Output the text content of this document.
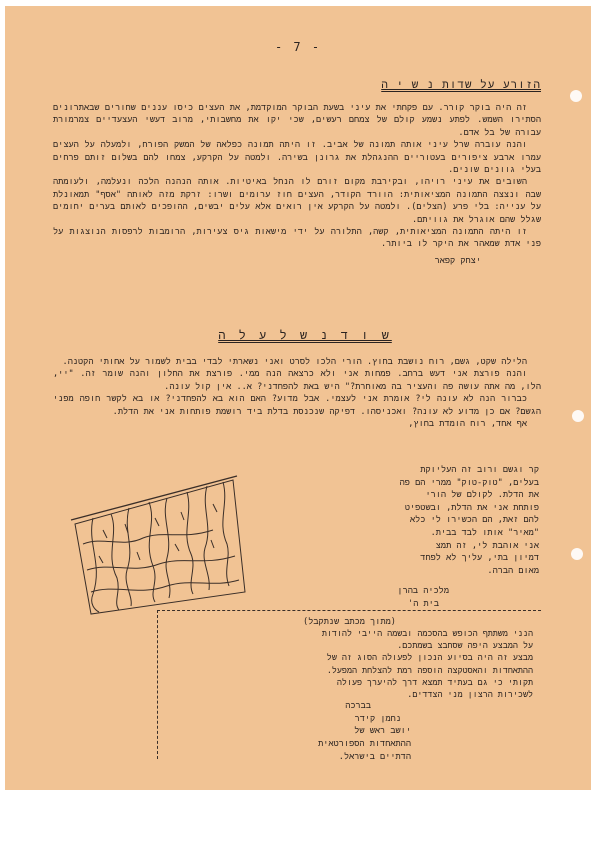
- 7 -
הזורע על שדות נ ש י ה

זה היה בוקר קורר. עם פקחתי את עיני בשעת הבוקר המוקדמת, את העצים כיסו עננים שחורים שבאתרונים הסתירו השמש. לפתע נשמע קולם של צמחם רעשים, שכי יקו את מחשבותי, מרוב דעשי העצעדיים צמרמורת עבורה של בל אדם.

והנה עוברה שרל עיני אותה תמונה של אביב. זו היתה תמונה כפלאה של המשק הפורח, ולמעלה על העצים עמרו ארבע ציפורים בעטוריים ההנגהלת את גרונן בשירה. ולמטה על הקרקע, צמחו להם בשלום זותם פרחים בעלי גוונים שונים.

השובים את עיני רויהו, ובקירבת מקום זורם לו הנחל באיטיות. אותה הנהנה הלכה ונעלמה, ולעומתה שבה ונצצה התמונה המציאותית: הוורד הקודר, העצים חוז ערומים ושרו: זרקת מזה לאותה "אסף" תמאונלת על ענייה: בלי פרע (הצלים). ולמטה על הקרקע אין רואים אלא עלים יבשים, ההופכים לאותם בערים יחומים שגלל שהם אוגרל את גוויתם.

זו היתה התמונה המציאותית, קשה, התלורה על ידי מישאות גיס צעירות, הרומבות לרפסות הנוצגות על פני אדת שמאהר את היקר לו ביותר.

יצחק קפאר
ש ו ד נ ש ל ע ל ה

הלילה שקט, גשם, רוח נושבת בחוץ. הורי הלכו לסרט ואני נשארתי לבדי בבית לשמור על אחותי הקטנה.

והנה פורצת אני דעש ברחב. פמחות אני ולא כרצאה הנה ממי. פורצת את החלון והנה שומר זה. "יי, הלו, מה אתה עושה פה והעציר בה מאוחרת?" היש באת להפחדני? א.. אין קול עונה.

כברור הנה לא עונה לי? אומרת אני לעצמי. אבל מדוע? האם הוא בא להפחדני? או בא לקשר חופה מפני הגשם? אם כן מדוע לא עונה? ואכניסהו. דפיקה שנכנסת בדלת ביד רושמת פותחות אני את הדלת.

אף אחד, רוח הומדת בחוץ,

קר וגשם ורוב זה העליוקת
בעלים, "טוק-טוק" ממרי הם פה
את הדלת. לקולם של הורי
פותחת אני את הדלת, ובשטפיט
להם זאת, הם הכשירו לי כלא
"מאיר" אותו לבד בבית.
אני אוהבת לי, זה תמצ
דמיון בתי, עליך לא לפחד
מאום הברה.
מלכיה בהרן
בית ה'
(מתוך מכתב שנתקבל)
הנני משתתף הכופש בהסכמה ובשמה הייבי להודות
על המבצע היפה שסחבצ בשמתכם.
מבצע זה היה בסיוע הנכון לפעולה הסוג זה של
ההתאחדות והאסטקצה הוספה רמת להצלחת המפעל.
תקותי כי גם בעתיד תמצא דרך להיערך פעולה
לשכירות הרצון מני הצדדים.
בברכה
נחמן קידר
יושב ראש של
ההתאחדות הספורטאית
הדתיים בישראל.
